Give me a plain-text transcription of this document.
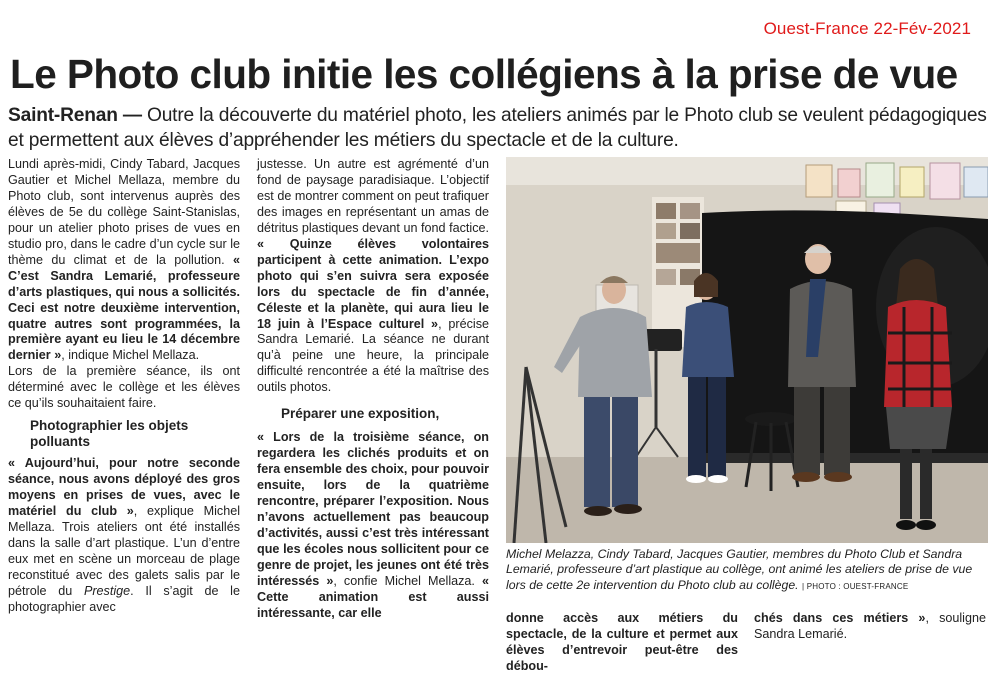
Ouest-France 22-Fév-2021
Le Photo club initie les collégiens à la prise de vue

Saint-Renan — Outre la découverte du matériel photo, les ateliers animés par le Photo club se veulent pédagogiques et permettent aux élèves d’appréhender les métiers du spectacle et de la culture.

Lundi après-midi, Cindy Tabard, Jacques Gautier et Michel Mellaza, membre du Photo club, sont intervenus auprès des élèves de 5e du collège Saint-Stanislas, pour un atelier photo prises de vues en studio pro, dans le cadre d’un cycle sur le thème du climat et de la pollution. « C’est Sandra Lemarié, professeure d’arts plastiques, qui nous a sollicités. Ceci est notre deuxième intervention, quatre autres sont programmées, la première ayant eu lieu le 14 décembre dernier », indique Michel Mellaza.

Lors de la première séance, ils ont déterminé avec le collège et les élèves ce qu’ils souhaitaient faire.

Photographier les objets polluants

« Aujourd’hui, pour notre seconde séance, nous avons déployé des gros moyens en prises de vues, avec le matériel du club », explique Michel Mellaza. Trois ateliers ont été installés dans la salle d’art plastique. L’un d’entre eux met en scène un morceau de plage reconstitué avec des galets salis par le pétrole du Prestige. Il s’agit de le photographier avec

justesse. Un autre est agrémenté d’un fond de paysage paradisiaque. L’objectif est de montrer comment on peut trafiquer des images en représentant un amas de détritus plastiques devant un fond factice. « Quinze élèves volontaires participent à cette animation. L’expo photo qui s’en suivra sera exposée lors du spectacle de fin d’année, Céleste et la planète, qui aura lieu le 18 juin à l’Espace culturel », précise Sandra Lemarié. La séance ne durant qu’à peine une heure, la principale difficulté rencontrée a été la maîtrise des outils photos.

Préparer une exposition,

« Lors de la troisième séance, on regardera les clichés produits et on fera ensemble des choix, pour pouvoir ensuite, lors de la quatrième rencontre, préparer l’exposition. Nous n’avons actuellement pas beaucoup d’activités, aussi c’est très intéressant que les écoles nous sollicitent pour ce genre de projet, les jeunes ont été très intéressés », confie Michel Mellaza. « Cette animation est aussi intéressante, car elle

Michel Melazza, Cindy Tabard, Jacques Gautier, membres du Photo Club et Sandra Lemarié, professeure d’art plastique au collège, ont animé les ateliers de prise de vue lors de cette 2e intervention du Photo club au collège. | PHOTO : OUEST-FRANCE

donne accès aux métiers du spectacle, de la culture et permet aux élèves d’entrevoir peut-être des débou-

chés dans ces métiers », souligne Sandra Lemarié.
